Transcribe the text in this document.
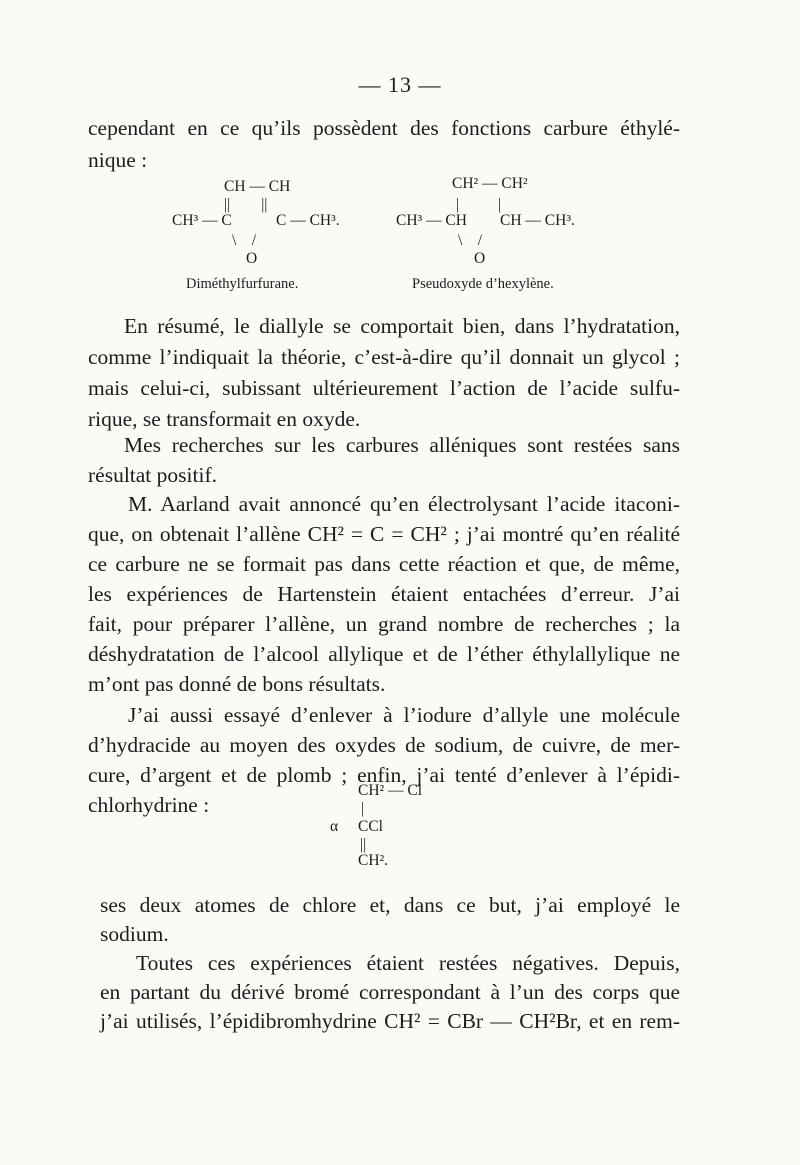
— 13 —
cependant en ce qu’ils possèdent des fonctions carbure éthylé-
nique :
CH — CH
||        ||
CH³ — C	C — CH³.
\    /
O
Diméthylfurfurane.
CH² — CH²
|          |
CH³ — CH CH — CH³.
\    /
O
Pseudoxyde d’hexylène.
En résumé, le diallyle se comportait bien, dans l’hydratation,
comme l’indiquait la théorie, c’est-à-dire qu’il donnait un glycol ;
mais celui-ci, subissant ultérieurement l’action de l’acide sulfu-
rique, se transformait en oxyde.
Mes recherches sur les carbures alléniques sont restées sans
résultat positif.
M. Aarland avait annoncé qu’en électrolysant l’acide itaconi-
que, on obtenait l’allène CH² = C = CH² ; j’ai montré qu’en réalité
ce carbure ne se formait pas dans cette réaction et que, de même,
les expériences de Hartenstein étaient entachées d’erreur. J’ai
fait, pour préparer l’allène, un grand nombre de recherches ; la
déshydratation de l’alcool allylique et de l’éther éthylallylique ne
m’ont pas donné de bons résultats.
J’ai aussi essayé d’enlever à l’iodure d’allyle une molécule
d’hydracide au moyen des oxydes de sodium, de cuivre, de mer-
cure, d’argent et de plomb ; enfin, j’ai tenté d’enlever à l’épidi-
chlorhydrine :
CH² — Cl
|
α CCl
||
CH².
ses deux atomes de chlore et, dans ce but, j’ai employé le
sodium.
Toutes ces expériences étaient restées négatives. Depuis,
en partant du dérivé bromé correspondant à l’un des corps que
j’ai utilisés, l’épidibromhydrine CH² = CBr — CH²Br, et en rem-
